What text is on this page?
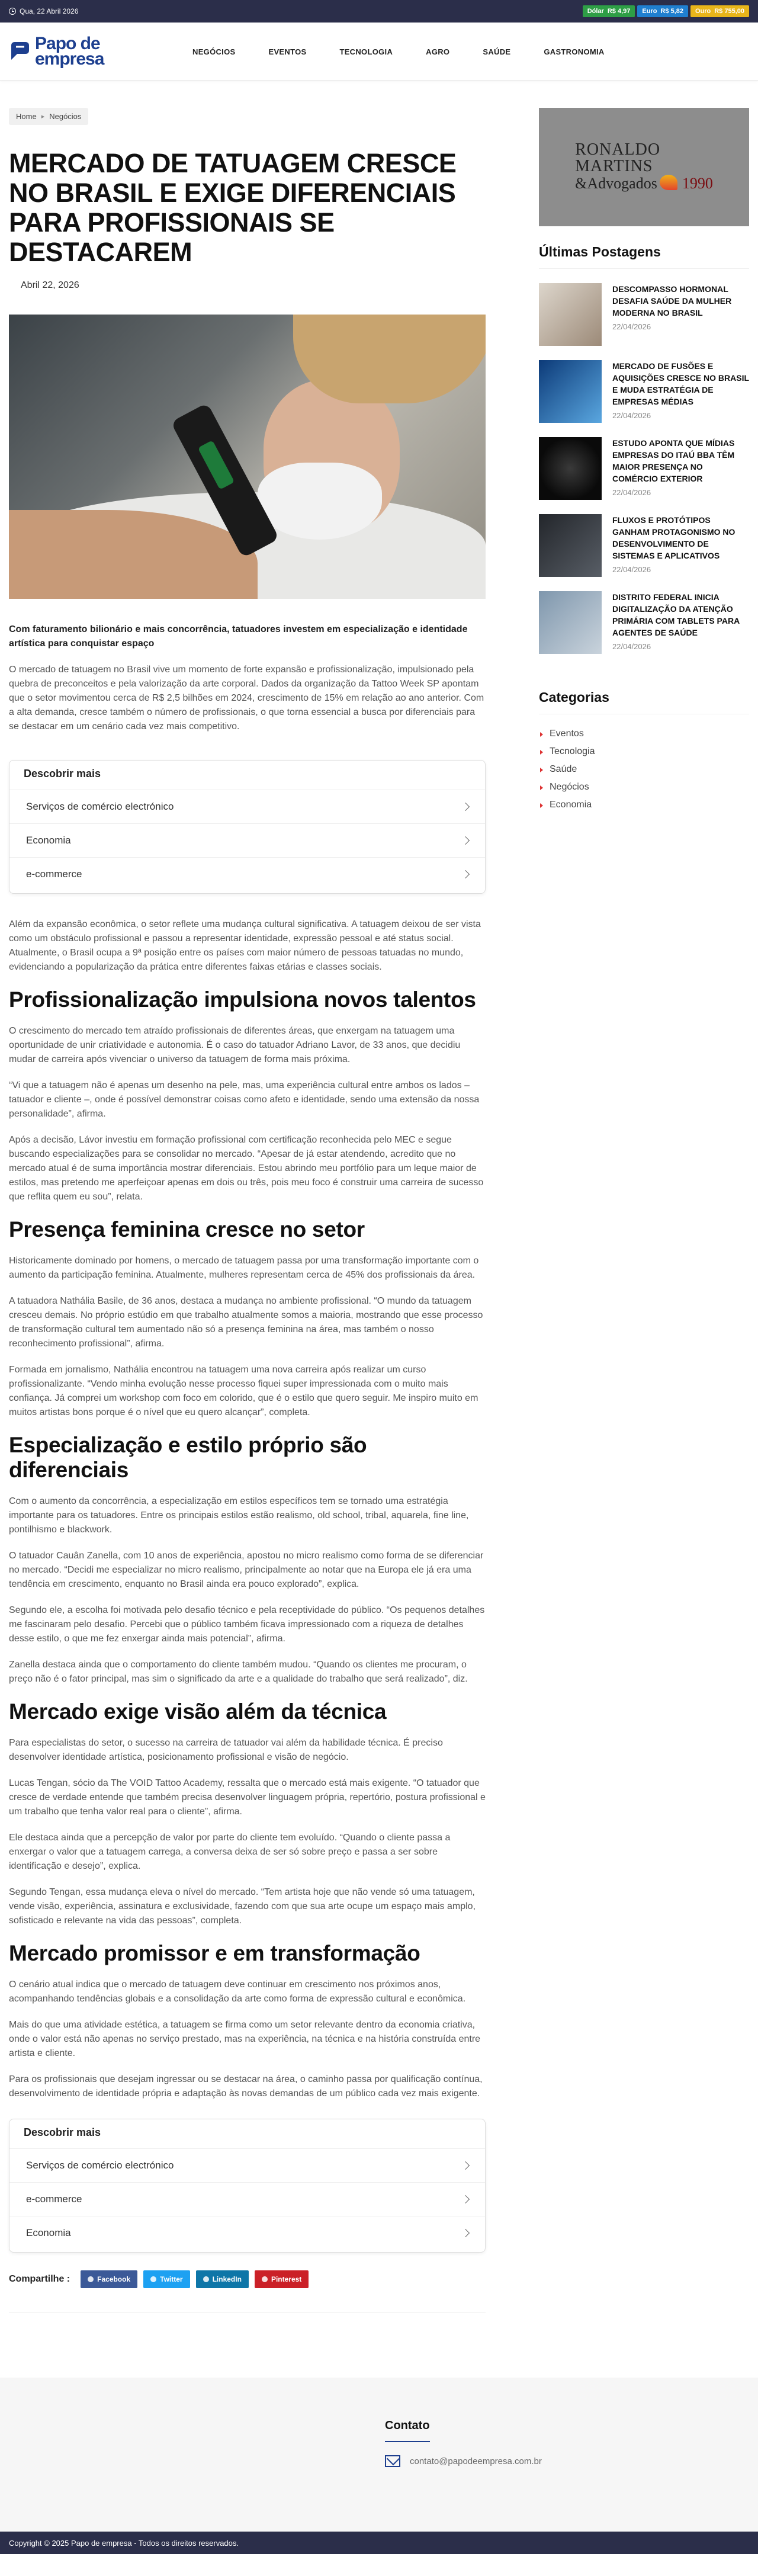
Qua, 22 Abril 2026	Dólar R$ 4,97	Euro R$ 5,82	Ouro R$ 755,00
Papo de
empresa	NEGÓCIOS	EVENTOS	TECNOLOGIA	AGRO	SAÚDE	GASTRONOMIA
Home ▸ Negócios
MERCADO DE TATUAGEM CRESCE NO BRASIL E EXIGE DIFERENCIAIS PARA PROFISSIONAIS SE DESTACAREM
Abril 22, 2026

Com faturamento bilionário e mais concorrência, tatuadores investem em especialização e identidade artística para conquistar espaço

O mercado de tatuagem no Brasil vive um momento de forte expansão e profissionalização, impulsionado pela quebra de preconceitos e pela valorização da arte corporal. Dados da organização da Tattoo Week SP apontam que o setor movimentou cerca de R$ 2,5 bilhões em 2024, crescimento de 15% em relação ao ano anterior. Com a alta demanda, cresce também o número de profissionais, o que torna essencial a busca por diferenciais para se destacar em um cenário cada vez mais competitivo.

Descobrir mais
Serviços de comércio electrónico
Economia
e-commerce

Além da expansão econômica, o setor reflete uma mudança cultural significativa. A tatuagem deixou de ser vista como um obstáculo profissional e passou a representar identidade, expressão pessoal e até status social. Atualmente, o Brasil ocupa a 9ª posição entre os países com maior número de pessoas tatuadas no mundo, evidenciando a popularização da prática entre diferentes faixas etárias e classes sociais.

Profissionalização impulsiona novos talentos

O crescimento do mercado tem atraído profissionais de diferentes áreas, que enxergam na tatuagem uma oportunidade de unir criatividade e autonomia. É o caso do tatuador Adriano Lavor, de 33 anos, que decidiu mudar de carreira após vivenciar o universo da tatuagem de forma mais próxima.

“Vi que a tatuagem não é apenas um desenho na pele, mas, uma experiência cultural entre ambos os lados – tatuador e cliente –, onde é possível demonstrar coisas como afeto e identidade, sendo uma extensão da nossa personalidade”, afirma.

Após a decisão, Lávor investiu em formação profissional com certificação reconhecida pelo MEC e segue buscando especializações para se consolidar no mercado. “Apesar de já estar atendendo, acredito que no mercado atual é de suma importância mostrar diferenciais. Estou abrindo meu portfólio para um leque maior de estilos, mas pretendo me aperfeiçoar apenas em dois ou três, pois meu foco é construir uma carreira de sucesso que reflita quem eu sou”, relata.

Presença feminina cresce no setor

Historicamente dominado por homens, o mercado de tatuagem passa por uma transformação importante com o aumento da participação feminina. Atualmente, mulheres representam cerca de 45% dos profissionais da área.

A tatuadora Nathália Basile, de 36 anos, destaca a mudança no ambiente profissional. “O mundo da tatuagem cresceu demais. No próprio estúdio em que trabalho atualmente somos a maioria, mostrando que esse processo de transformação cultural tem aumentado não só a presença feminina na área, mas também o nosso reconhecimento profissional”, afirma.

Formada em jornalismo, Nathália encontrou na tatuagem uma nova carreira após realizar um curso profissionalizante. “Vendo minha evolução nesse processo fiquei super impressionada com o muito mais confiança. Já comprei um workshop com foco em colorido, que é o estilo que quero seguir. Me inspiro muito em muitos artistas bons porque é o nível que eu quero alcançar”, completa.

Especialização e estilo próprio são diferenciais

Com o aumento da concorrência, a especialização em estilos específicos tem se tornado uma estratégia importante para os tatuadores. Entre os principais estilos estão realismo, old school, tribal, aquarela, fine line, pontilhismo e blackwork.

O tatuador Cauân Zanella, com 10 anos de experiência, apostou no micro realismo como forma de se diferenciar no mercado. “Decidi me especializar no micro realismo, principalmente ao notar que na Europa ele já era uma tendência em crescimento, enquanto no Brasil ainda era pouco explorado”, explica.

Segundo ele, a escolha foi motivada pelo desafio técnico e pela receptividade do público. “Os pequenos detalhes me fascinaram pelo desafio. Percebi que o público também ficava impressionado com a riqueza de detalhes desse estilo, o que me fez enxergar ainda mais potencial”, afirma.

Zanella destaca ainda que o comportamento do cliente também mudou. “Quando os clientes me procuram, o preço não é o fator principal, mas sim o significado da arte e a qualidade do trabalho que será realizado”, diz.

Mercado exige visão além da técnica

Para especialistas do setor, o sucesso na carreira de tatuador vai além da habilidade técnica. É preciso desenvolver identidade artística, posicionamento profissional e visão de negócio.

Lucas Tengan, sócio da The VOID Tattoo Academy, ressalta que o mercado está mais exigente. “O tatuador que cresce de verdade entende que também precisa desenvolver linguagem própria, repertório, postura profissional e um trabalho que tenha valor real para o cliente”, afirma.

Ele destaca ainda que a percepção de valor por parte do cliente tem evoluído. “Quando o cliente passa a enxergar o valor que a tatuagem carrega, a conversa deixa de ser só sobre preço e passa a ser sobre identificação e desejo”, explica.

Segundo Tengan, essa mudança eleva o nível do mercado. “Tem artista hoje que não vende só uma tatuagem, vende visão, experiência, assinatura e exclusividade, fazendo com que sua arte ocupe um espaço mais amplo, sofisticado e relevante na vida das pessoas”, completa.

Mercado promissor e em transformação

O cenário atual indica que o mercado de tatuagem deve continuar em crescimento nos próximos anos, acompanhando tendências globais e a consolidação da arte como forma de expressão cultural e econômica.

Mais do que uma atividade estética, a tatuagem se firma como um setor relevante dentro da economia criativa, onde o valor está não apenas no serviço prestado, mas na experiência, na técnica e na história construída entre artista e cliente.

Para os profissionais que desejam ingressar ou se destacar na área, o caminho passa por qualificação contínua, desenvolvimento de identidade própria e adaptação às novas demandas de um público cada vez mais exigente.

Descobrir mais
Serviços de comércio electrónico
e-commerce
Economia
Compartilhe :	Facebook	Twitter	LinkedIn	Pinterest
RONALDO
MARTINS
&Advogados 1990
Últimas Postagens
DESCOMPASSO HORMONAL DESAFIA SAÚDE DA MULHER MODERNA NO BRASIL
22/04/2026
MERCADO DE FUSÕES E AQUISIÇÕES CRESCE NO BRASIL E MUDA ESTRATÉGIA DE EMPRESAS MÉDIAS
22/04/2026
ESTUDO APONTA QUE MÍDIAS EMPRESAS DO ITAÚ BBA TÊM MAIOR PRESENÇA NO COMÉRCIO EXTERIOR
22/04/2026
FLUXOS E PROTÓTIPOS GANHAM PROTAGONISMO NO DESENVOLVIMENTO DE SISTEMAS E APLICATIVOS
22/04/2026
DISTRITO FEDERAL INICIA DIGITALIZAÇÃO DA ATENÇÃO PRIMÁRIA COM TABLETS PARA AGENTES DE SAÚDE
22/04/2026
Categorias
Eventos
Tecnologia
Saúde
Negócios
Economia
Contato
contato@papodeempresa.com.br
Copyright © 2025 Papo de empresa - Todos os direitos reservados.
